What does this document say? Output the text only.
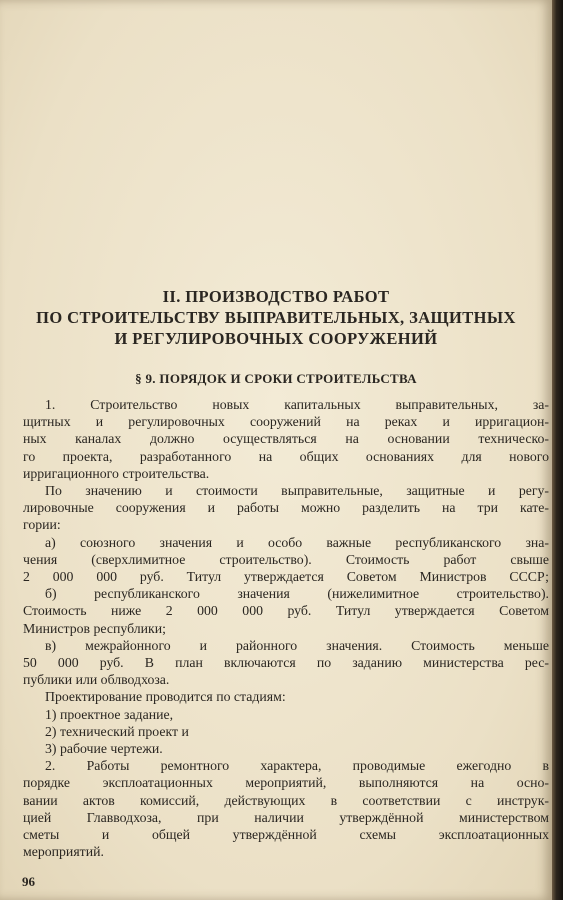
II. ПРОИЗВОДСТВО РАБОТ
ПО СТРОИТЕЛЬСТВУ ВЫПРАВИТЕЛЬНЫХ, ЗАЩИТНЫХ
И РЕГУЛИРОВОЧНЫХ СООРУЖЕНИЙ
§ 9. ПОРЯДОК И СРОКИ СТРОИТЕЛЬСТВА
1. Строительство новых капитальных выправительных, за-
щитных и регулировочных сооружений на реках и ирригацион-
ных каналах должно осуществляться на основании техническо-
го проекта, разработанного на общих основаниях для нового
ирригационного строительства.
По значению и стоимости выправительные, защитные и регу-
лировочные сооружения и работы можно разделить на три кате-
гории:
а) союзного значения и особо важные республиканского зна-
чения (сверхлимитное строительство). Стоимость работ свыше
2 000 000 руб. Титул утверждается Советом Министров СССР;
б) республиканского значения (нижелимитное строительство).
Стоимость ниже 2 000 000 руб. Титул утверждается Советом
Министров республики;
в) межрайонного и районного значения. Стоимость меньше
50 000 руб. В план включаются по заданию министерства рес-
публики или облводхоза.
Проектирование проводится по стадиям:
1) проектное задание,
2) технический проект и
3) рабочие чертежи.
2. Работы ремонтного характера, проводимые ежегодно в
порядке эксплоатационных мероприятий, выполняются на осно-
вании актов комиссий, действующих в соответствии с инструк-
цией Главводхоза, при наличии утверждённой министерством
сметы и общей утверждённой схемы эксплоатационных
мероприятий.
96
